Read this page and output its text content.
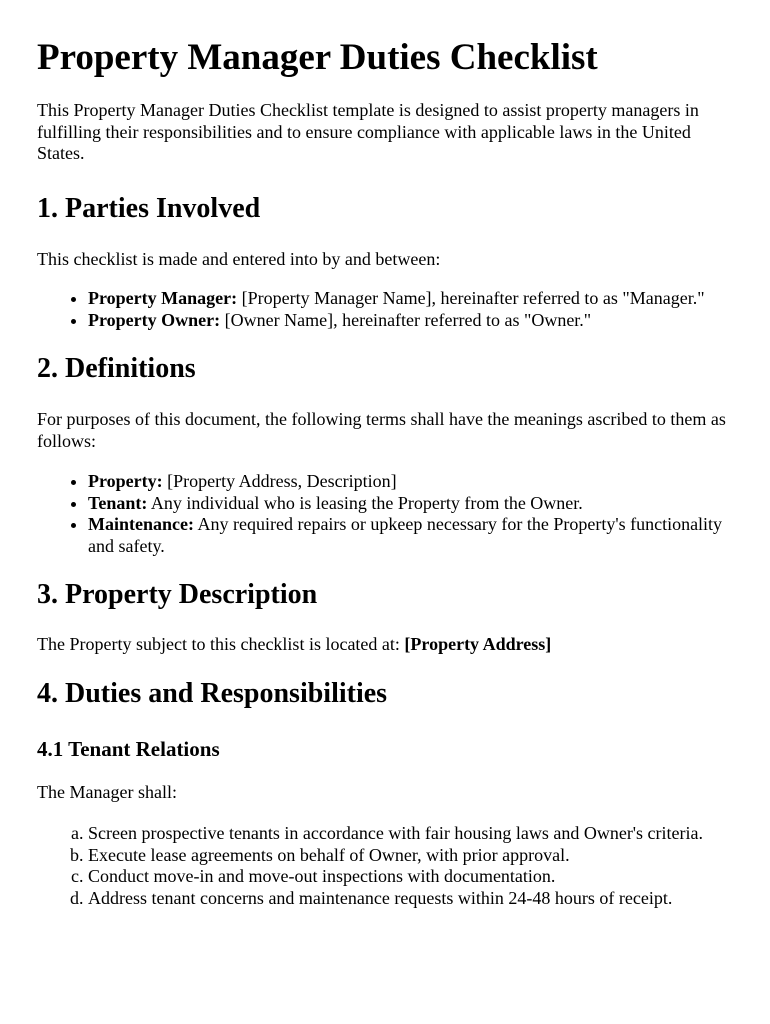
Property Manager Duties Checklist

This Property Manager Duties Checklist template is designed to assist property managers in fulfilling their responsibilities and to ensure compliance with applicable laws in the United States.

1. Parties Involved

This checklist is made and entered into by and between:

• Property Manager: [Property Manager Name], hereinafter referred to as "Manager."
• Property Owner: [Owner Name], hereinafter referred to as "Owner."
2. Definitions

For purposes of this document, the following terms shall have the meanings ascribed to them as follows:

• Property: [Property Address, Description]
• Tenant: Any individual who is leasing the Property from the Owner.
• Maintenance: Any required repairs or upkeep necessary for the Property's functionality and safety.
3. Property Description

The Property subject to this checklist is located at: [Property Address]

4. Duties and Responsibilities
4.1 Tenant Relations

The Manager shall:

a. Screen prospective tenants in accordance with fair housing laws and Owner's criteria.
b. Execute lease agreements on behalf of Owner, with prior approval.
c. Conduct move-in and move-out inspections with documentation.
d. Address tenant concerns and maintenance requests within 24-48 hours of receipt.
